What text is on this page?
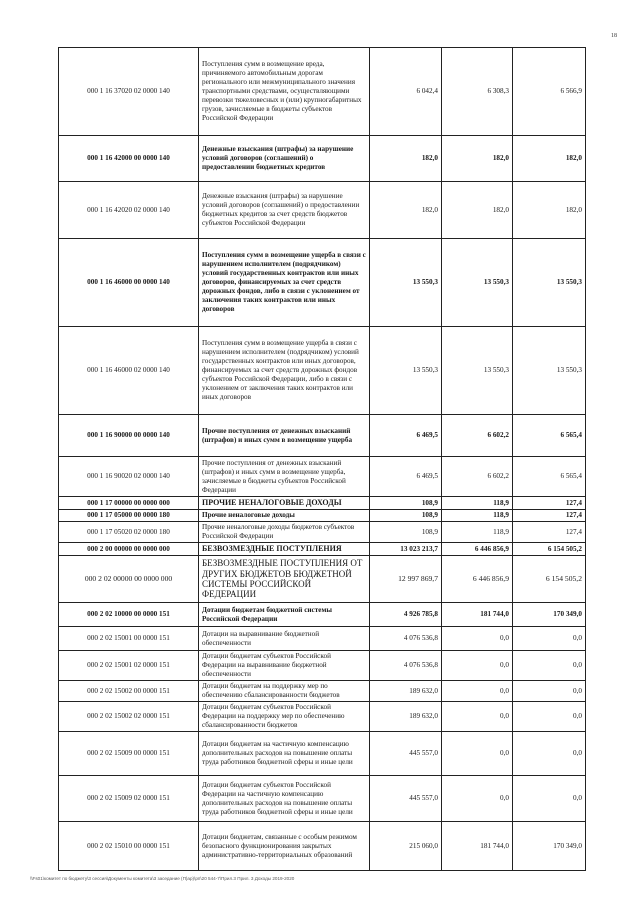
18
000 1 16 37020 02 0000 140	Поступления сумм в возмещение вреда, причиняемого автомобильным дорогам регионального или межмуниципального значения транспортными средствами, осуществляющими перевозки тяжеловесных и (или) крупногабаритных грузов, зачисляемые в бюджеты субъектов Российской Федерации	6 042,4	6 308,3	6 566,9
000 1 16 42000 00 0000 140	Денежные взыскания (штрафы) за нарушение условий договоров (соглашений) о предоставлении бюджетных кредитов	182,0	182,0	182,0
000 1 16 42020 02 0000 140	Денежные взыскания (штрафы) за нарушение условий договоров (соглашений) о предоставлении бюджетных кредитов за счет средств бюджетов субъектов Российской Федерации	182,0	182,0	182,0
000 1 16 46000 00 0000 140	Поступления сумм в возмещение ущерба в связи с нарушением исполнителем (подрядчиком) условий государственных контрактов или иных договоров, финансируемых за счет средств дорожных фондов, либо в связи с уклонением от заключения таких контрактов или иных договоров	13 550,3	13 550,3	13 550,3
000 1 16 46000 02 0000 140	Поступления сумм в возмещение ущерба в связи с нарушением исполнителем (подрядчиком) условий государственных контрактов или иных договоров, финансируемых за счет средств дорожных фондов субъектов Российской Федерации, либо в связи с уклонением от заключения таких контрактов или иных договоров	13 550,3	13 550,3	13 550,3
000 1 16 90000 00 0000 140	Прочие поступления от денежных взысканий (штрафов) и иных сумм в возмещение ущерба	6 469,5	6 602,2	6 565,4
000 1 16 90020 02 0000 140	Прочие поступления от денежных взысканий (штрафов) и иных сумм в возмещение ущерба, зачисляемые в бюджеты субъектов Российской Федерации	6 469,5	6 602,2	6 565,4
000 1 17 00000 00 0000 000	ПРОЧИЕ НЕНАЛОГОВЫЕ ДОХОДЫ	108,9	118,9	127,4
000 1 17 05000 00 0000 180	Прочие неналоговые доходы	108,9	118,9	127,4
000 1 17 05020 02 0000 180	Прочие неналоговые доходы бюджетов субъектов Российской Федерации	108,9	118,9	127,4
000 2 00 00000 00 0000 000	БЕЗВОЗМЕЗДНЫЕ ПОСТУПЛЕНИЯ	13 023 213,7	6 446 856,9	6 154 505,2
000 2 02 00000 00 0000 000	БЕЗВОЗМЕЗДНЫЕ ПОСТУПЛЕНИЯ ОТ ДРУГИХ БЮДЖЕТОВ БЮДЖЕТНОЙ СИСТЕМЫ РОССИЙСКОЙ ФЕДЕРАЦИИ	12 997 869,7	6 446 856,9	6 154 505,2
000 2 02 10000 00 0000 151	Дотации бюджетам бюджетной системы Российской Федерации	4 926 785,8	181 744,0	170 349,0
000 2 02 15001 00 0000 151	Дотации на выравнивание бюджетной обеспеченности	4 076 536,8	0,0	0,0
000 2 02 15001 02 0000 151	Дотации бюджетам субъектов Российской Федерации на выравнивание бюджетной обеспеченности	4 076 536,8	0,0	0,0
000 2 02 15002 00 0000 151	Дотации бюджетам на поддержку мер по обеспечению сбалансированности бюджетов	189 632,0	0,0	0,0
000 2 02 15002 02 0000 151	Дотации бюджетам субъектов Российской Федерации на поддержку мер по обеспечению сбалансированности бюджетов	189 632,0	0,0	0,0
000 2 02 15009 00 0000 151	Дотации бюджетам на частичную компенсацию дополнительных расходов на повышение оплаты труда работников бюджетной сферы и иные цели	445 557,0	0,0	0,0
000 2 02 15009 02 0000 151	Дотации бюджетам субъектов Российской Федерации на частичную компенсацию дополнительных расходов на повышение оплаты труда работников бюджетной сферы и иные цели	445 557,0	0,0	0,0
000 2 02 15010 00 0000 151	Дотации бюджетам, связанные с особым режимом безопасного функционирования закрытых административно-территориальных образований	215 060,0	181 744,0	170 349,0
\\Fs01\комитет по бюджету\3 сессия\Документы комитета\3 заседание (П)ар)\рп\20 544-7\Прил.3 Прил. 3 Доходы 2019-2020
